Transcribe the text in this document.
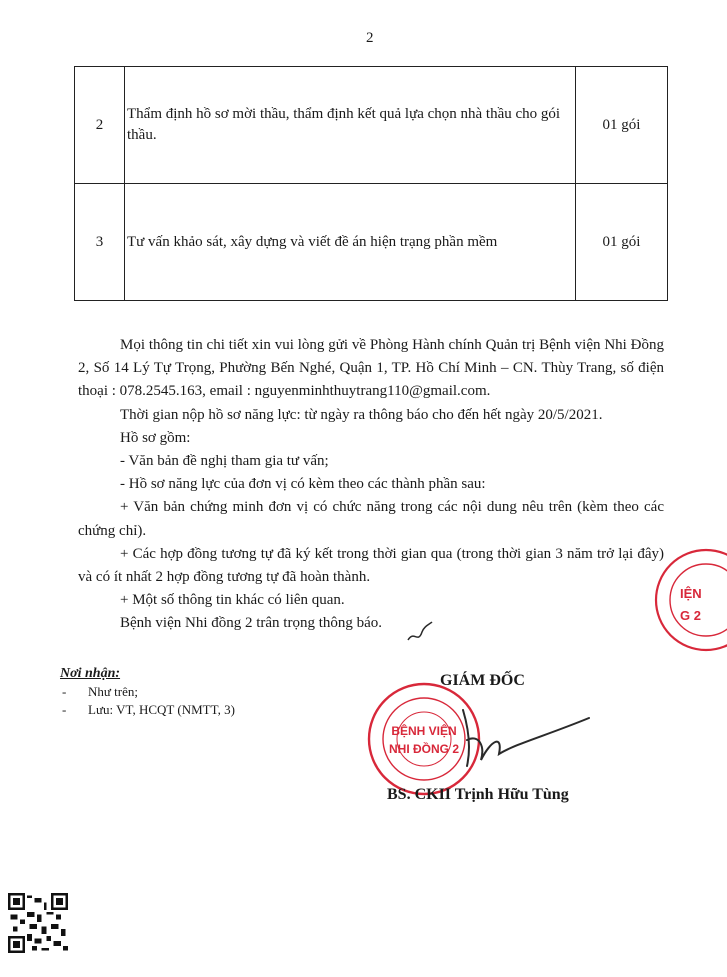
2
2	Thẩm định hồ sơ mời thầu, thẩm định kết quả lựa chọn nhà thầu cho gói thầu.	01 gói
3	Tư vấn khảo sát, xây dựng và viết đề án hiện trạng phần mềm	01 gói

Mọi thông tin chi tiết xin vui lòng gửi về Phòng Hành chính Quản trị Bệnh viện Nhi Đồng 2, Số 14 Lý Tự Trọng, Phường Bến Nghé, Quận 1, TP. Hồ Chí Minh – CN. Thùy Trang, số điện thoại : 078.2545.163, email : nguyenminhthuytrang110@gmail.com.

Thời gian nộp hồ sơ năng lực: từ ngày ra thông báo cho đến hết ngày 20/5/2021.

Hồ sơ gồm:

- Văn bản đề nghị tham gia tư vấn;

- Hồ sơ năng lực của đơn vị có kèm theo các thành phần sau:

+ Văn bản chứng minh đơn vị có chức năng trong các nội dung nêu trên (kèm theo các chứng chỉ).

+ Các hợp đồng tương tự đã ký kết trong thời gian qua (trong thời gian 3 năm trở lại đây) và có ít nhất 2 hợp đồng tương tự đã hoàn thành.

+ Một số thông tin khác có liên quan.

Bệnh viện Nhi đồng 2 trân trọng thông báo.

Nơi nhận:
- Như trên;
- Lưu: VT, HCQT (NMTT, 3)
IỆN
G 2
GIÁM ĐỐC
BỆNH VIỆN
NHI ĐỒNG 2
BS. CKII Trịnh Hữu Tùng
